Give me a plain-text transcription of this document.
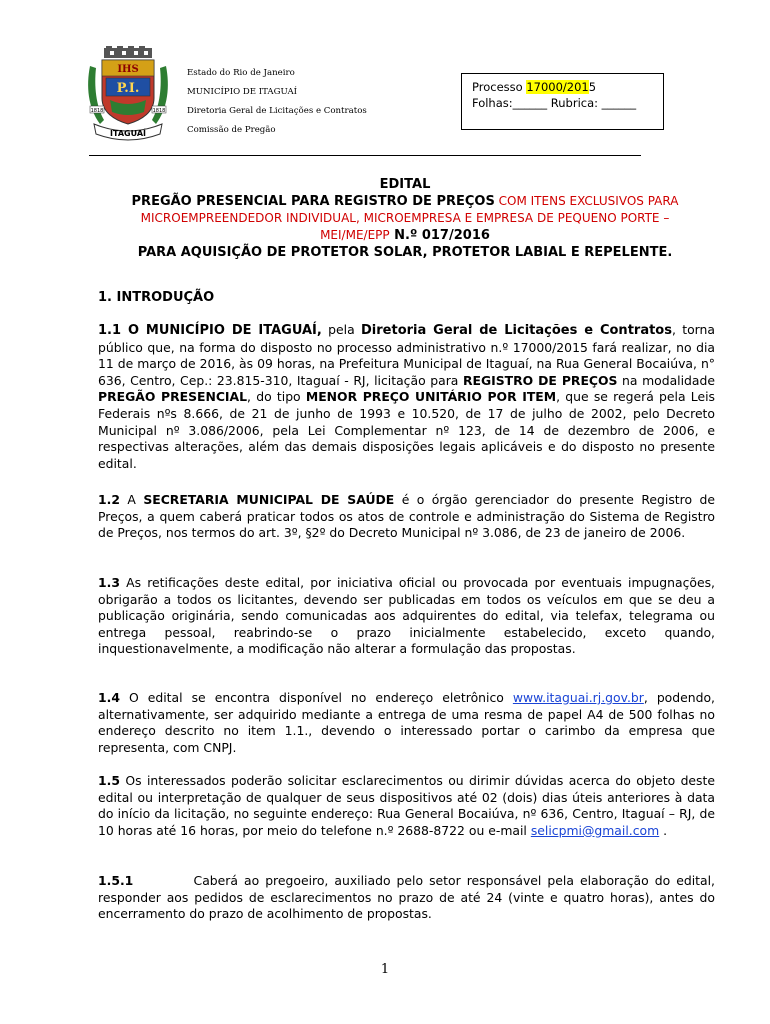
IHS
P.I.
1818	1818
ITAGUAÍ
Estado do Rio de Janeiro
MUNICÍPIO DE ITAGUAÍ
Diretoria Geral de Licitações e Contratos
Comissão de Pregão
Processo 17000/2015
Folhas:______ Rubrica: ______
EDITAL
PREGÃO PRESENCIAL PARA REGISTRO DE PREÇOS COM ITENS EXCLUSIVOS PARA
MICROEMPREENDEDOR INDIVIDUAL, MICROEMPRESA E EMPRESA DE PEQUENO PORTE –
MEI/ME/EPP N.º 017/2016
PARA AQUISIÇÃO DE PROTETOR SOLAR, PROTETOR LABIAL E REPELENTE.
1. INTRODUÇÃO
1.1 O MUNICÍPIO DE ITAGUAÍ, pela Diretoria Geral de Licitações e Contratos, torna público que, na forma do disposto no processo administrativo n.º 17000/2015 fará realizar, no dia 11 de março de 2016, às 09 horas, na Prefeitura Municipal de Itaguaí, na Rua General Bocaiúva, n° 636, Centro, Cep.: 23.815-310, Itaguaí - RJ, licitação para REGISTRO DE PREÇOS na modalidade PREGÃO PRESENCIAL, do tipo MENOR PREÇO UNITÁRIO POR ITEM, que se regerá pela Leis Federais nºs 8.666, de 21 de junho de 1993 e 10.520, de 17 de julho de 2002, pelo Decreto Municipal nº 3.086/2006, pela Lei Complementar nº 123, de 14 de dezembro de 2006, e respectivas alterações, além das demais disposições legais aplicáveis e do disposto no presente edital.
1.2 A SECRETARIA MUNICIPAL DE SAÚDE é o órgão gerenciador do presente Registro de Preços, a quem caberá praticar todos os atos de controle e administração do Sistema de Registro de Preços, nos termos do art. 3º, §2º do Decreto Municipal nº 3.086, de 23 de janeiro de 2006.
1.3 As retificações deste edital, por iniciativa oficial ou provocada por eventuais impugnações, obrigarão a todos os licitantes, devendo ser publicadas em todos os veículos em que se deu a publicação originária, sendo comunicadas aos adquirentes do edital, via telefax, telegrama ou entrega pessoal, reabrindo-se o prazo inicialmente estabelecido, exceto quando, inquestionavelmente, a modificação não alterar a formulação das propostas.
1.4 O edital se encontra disponível no endereço eletrônico www.itaguai.rj.gov.br, podendo, alternativamente, ser adquirido mediante a entrega de uma resma de papel A4 de 500 folhas no endereço descrito no item 1.1., devendo o interessado portar o carimbo da empresa que representa, com CNPJ.
1.5 Os interessados poderão solicitar esclarecimentos ou dirimir dúvidas acerca do objeto deste edital ou interpretação de qualquer de seus dispositivos até 02 (dois) dias úteis anteriores à data do início da licitação, no seguinte endereço: Rua General Bocaiúva, nº 636, Centro, Itaguaí – RJ, de 10 horas até 16 horas, por meio do telefone n.º 2688-8722 ou e-mail selicpmi@gmail.com .
1.5.1          Caberá ao pregoeiro, auxiliado pelo setor responsável pela elaboração do edital, responder aos pedidos de esclarecimentos no prazo de até 24 (vinte e quatro horas), antes do encerramento do prazo de acolhimento de propostas.
1
